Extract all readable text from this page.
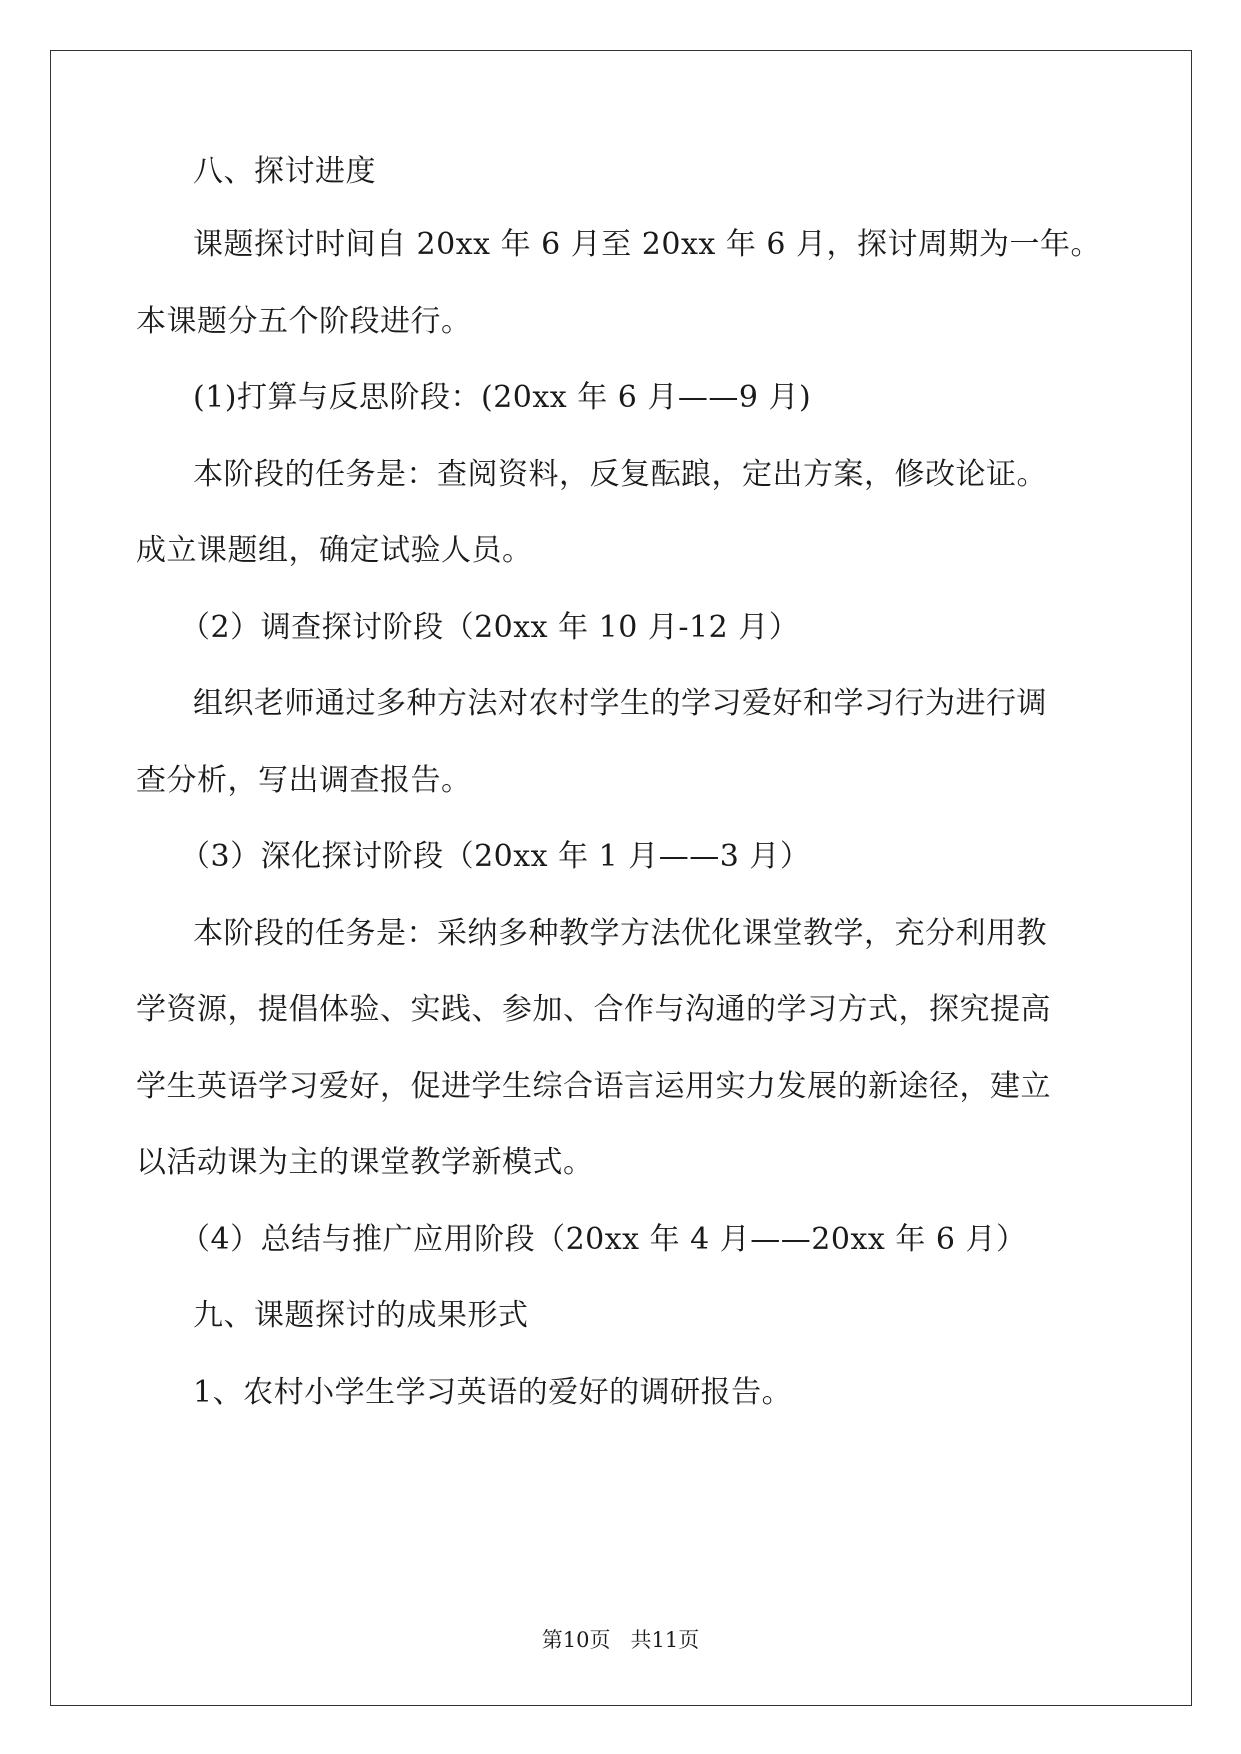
八、探讨进度
课题探讨时间自 20xx 年 6 月至 20xx 年 6 月，探讨周期为一年。
本课题分五个阶段进行。
(1)打算与反思阶段：(20xx 年 6 月——9 月)
本阶段的任务是：查阅资料，反复酝踉，定出方案，修改论证。
成立课题组，确定试验人员。
（2）调查探讨阶段（20xx 年 10 月-12 月）
组织老师通过多种方法对农村学生的学习爱好和学习行为进行调
查分析，写出调查报告。
（3）深化探讨阶段（20xx 年 1 月——3 月）
本阶段的任务是：采纳多种教学方法优化课堂教学，充分利用教
学资源，提倡体验、实践、参加、合作与沟通的学习方式，探究提高
学生英语学习爱好，促进学生综合语言运用实力发展的新途径，建立
以活动课为主的课堂教学新模式。
（4）总结与推广应用阶段（20xx 年 4 月——20xx 年 6 月）
九、课题探讨的成果形式
1、农村小学生学习英语的爱好的调研报告。
第10页 共11页
